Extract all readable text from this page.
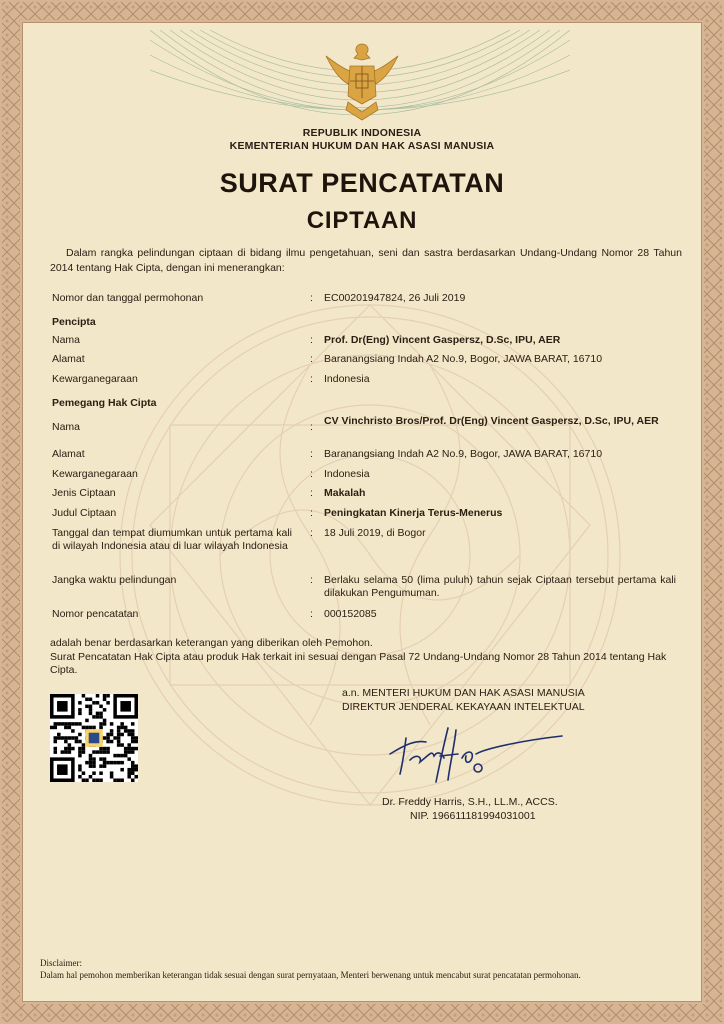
REPUBLIK INDONESIA
KEMENTERIAN HUKUM DAN HAK ASASI MANUSIA
SURAT PENCATATAN
CIPTAAN
Dalam rangka pelindungan ciptaan di bidang ilmu pengetahuan, seni dan sastra berdasarkan Undang-Undang Nomor 28 Tahun 2014 tentang Hak Cipta, dengan ini menerangkan:
Nomor dan tanggal permohonan	: EC00201947824, 26 Juli 2019
Pencipta
Nama	: Prof. Dr(Eng) Vincent Gaspersz, D.Sc, IPU, AER
Alamat	: Baranangsiang Indah A2 No.9, Bogor, JAWA BARAT, 16710
Kewarganegaraan	: Indonesia
Pemegang Hak Cipta
Nama	: CV Vinchristo Bros/Prof. Dr(Eng) Vincent Gaspersz, D.Sc, IPU, AER
Alamat	: Baranangsiang Indah A2 No.9, Bogor, JAWA BARAT, 16710
Kewarganegaraan	: Indonesia
Jenis Ciptaan	: Makalah
Judul Ciptaan	: Peningkatan Kinerja Terus-Menerus
Tanggal dan tempat diumumkan untuk pertama kali di wilayah Indonesia atau di luar wilayah Indonesia
: 18 Juli 2019, di Bogor
Jangka waktu pelindungan	: Berlaku selama 50 (lima puluh) tahun sejak Ciptaan tersebut pertama kali dilakukan Pengumuman.
Nomor pencatatan	: 000152085
adalah benar berdasarkan keterangan yang diberikan oleh Pemohon.
Surat Pencatatan Hak Cipta atau produk Hak terkait ini sesuai dengan Pasal 72 Undang-Undang Nomor 28 Tahun 2014 tentang Hak Cipta.
a.n. MENTERI HUKUM DAN HAK ASASI MANUSIA
DIREKTUR JENDERAL KEKAYAAN INTELEKTUAL
Dr. Freddy Harris, S.H., LL.M., ACCS.
NIP. 196611181994031001
Disclaimer:
Dalam hal pemohon memberikan keterangan tidak sesuai dengan surat pernyataan, Menteri berwenang untuk mencabut surat pencatatan permohonan.
